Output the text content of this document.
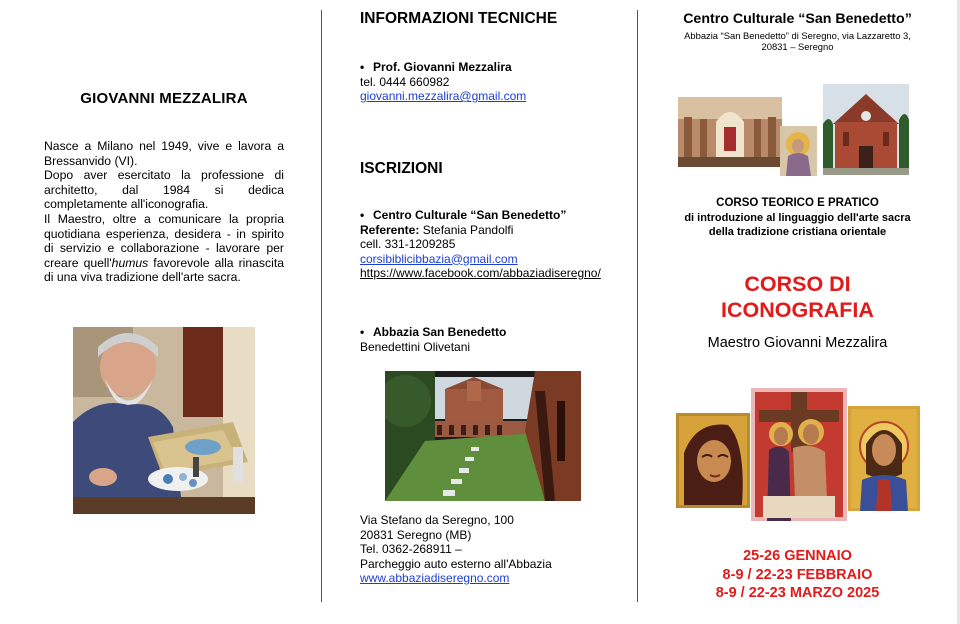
GIOVANNI MEZZALIRA

Nasce a Milano nel 1949, vive e lavora a Bressanvido (VI).

Dopo aver esercitato la professione di architetto, dal 1984 si dedica completamente all'iconografia.

Il Maestro, oltre a comunicare la propria quotidiana esperienza, desidera - in spirito di servizio e collaborazione - lavorare per creare quell'humus favorevole alla rinascita di una viva tradizione dell'arte sacra.

INFORMAZIONI TECNICHE
• Prof. Giovanni Mezzalira
tel. 0444 660982
giovanni.mezzalira@gmail.com
ISCRIZIONI
• Centro Culturale “San Benedetto”
Referente: Stefania Pandolfi
cell. 331-1209285
corsibiblicibbazia@gmail.com
https://www.facebook.com/abbaziadiseregno/
• Abbazia San Benedetto
Benedettini Olivetani
Via Stefano da Seregno, 100
20831 Seregno (MB)
Tel. 0362-268911 –
Parcheggio auto esterno all'Abbazia
www.abbaziadiseregno.com
Centro Culturale “San Benedetto”
Abbazia “San Benedetto” di Seregno, via Lazzaretto 3,
20831 – Seregno
CORSO TEORICO E PRATICO
di introduzione al linguaggio dell'arte sacra
della tradizione cristiana orientale
CORSO DI
ICONOGRAFIA
Maestro Giovanni Mezzalira
25-26 GENNAIO
8-9 / 22-23 FEBBRAIO
8-9 / 22-23 MARZO 2025
